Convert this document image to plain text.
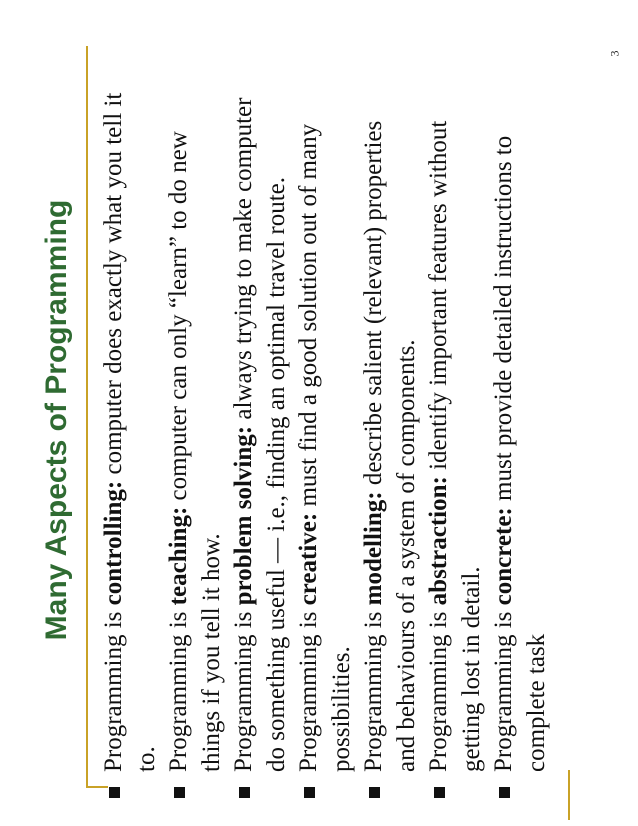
3
Many Aspects of Programming
Programming is controlling: computer does exactly what you tell it to. Programming is teaching: computer can only “learn” to do new things if you tell it how. Programming is problem solving: always trying to make computer do something useful — i.e., finding an optimal travel route. Programming is creative: must find a good solution out of many possibilities. Programming is modelling: describe salient (relevant) properties and behaviours of a system of components. Programming is abstraction: identify important features without getting lost in detail. Programming is concrete: must provide detailed instructions to complete task
